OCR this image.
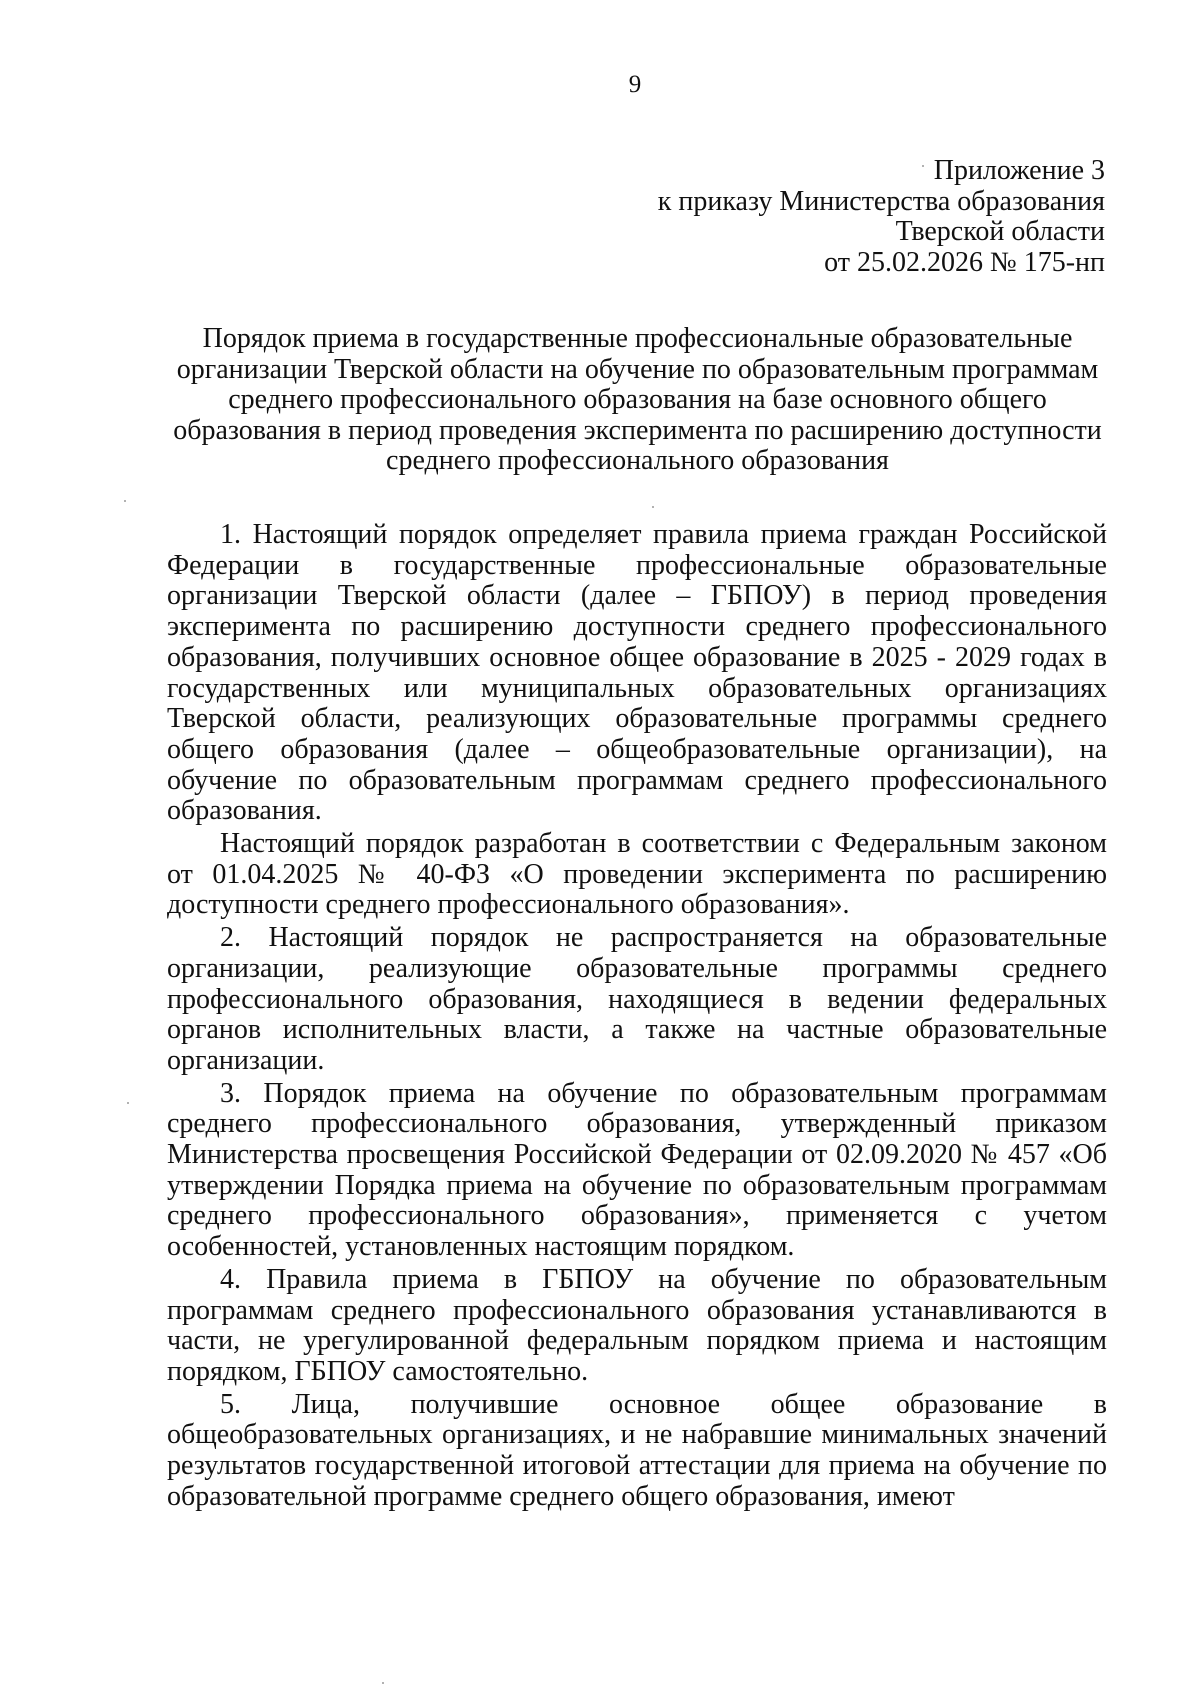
9
Приложение 3
к приказу Министерства образования
Тверской области
от 25.02.2026 № 175-нп
Порядок приема в государственные профессиональные образовательные
организации Тверской области на обучение по образовательным программам
среднего профессионального образования на базе основного общего
образования в период проведения эксперимента по расширению доступности
среднего профессионального образования

1. Настоящий порядок определяет правила приема граждан Российской Федерации в государственные профессиональные образовательные организации Тверской области (далее – ГБПОУ) в период проведения эксперимента по расширению доступности среднего профессионального образования, получивших основное общее образование в 2025 - 2029 годах в государственных или муниципальных образовательных организациях Тверской области, реализующих образовательные программы среднего общего образования (далее – общеобразовательные организации), на обучение по образовательным программам среднего профессионального образования.

Настоящий порядок разработан в соответствии с Федеральным законом от 01.04.2025 № 40-ФЗ «О проведении эксперимента по расширению доступности среднего профессионального образования».

2. Настоящий порядок не распространяется на образовательные организации, реализующие образовательные программы среднего профессионального образования, находящиеся в ведении федеральных органов исполнительных власти, а также на частные образовательные организации.

3. Порядок приема на обучение по образовательным программам среднего профессионального образования, утвержденный приказом Министерства просвещения Российской Федерации от 02.09.2020 № 457 «Об утверждении Порядка приема на обучение по образовательным программам среднего профессионального образования», применяется с учетом особенностей, установленных настоящим порядком.

4. Правила приема в ГБПОУ на обучение по образовательным программам среднего профессионального образования устанавливаются в части, не урегулированной федеральным порядком приема и настоящим порядком, ГБПОУ самостоятельно.

5. Лица, получившие основное общее образование в общеобразовательных организациях, и не набравшие минимальных значений результатов государственной итоговой аттестации для приема на обучение по образовательной программе среднего общего образования, имеют
